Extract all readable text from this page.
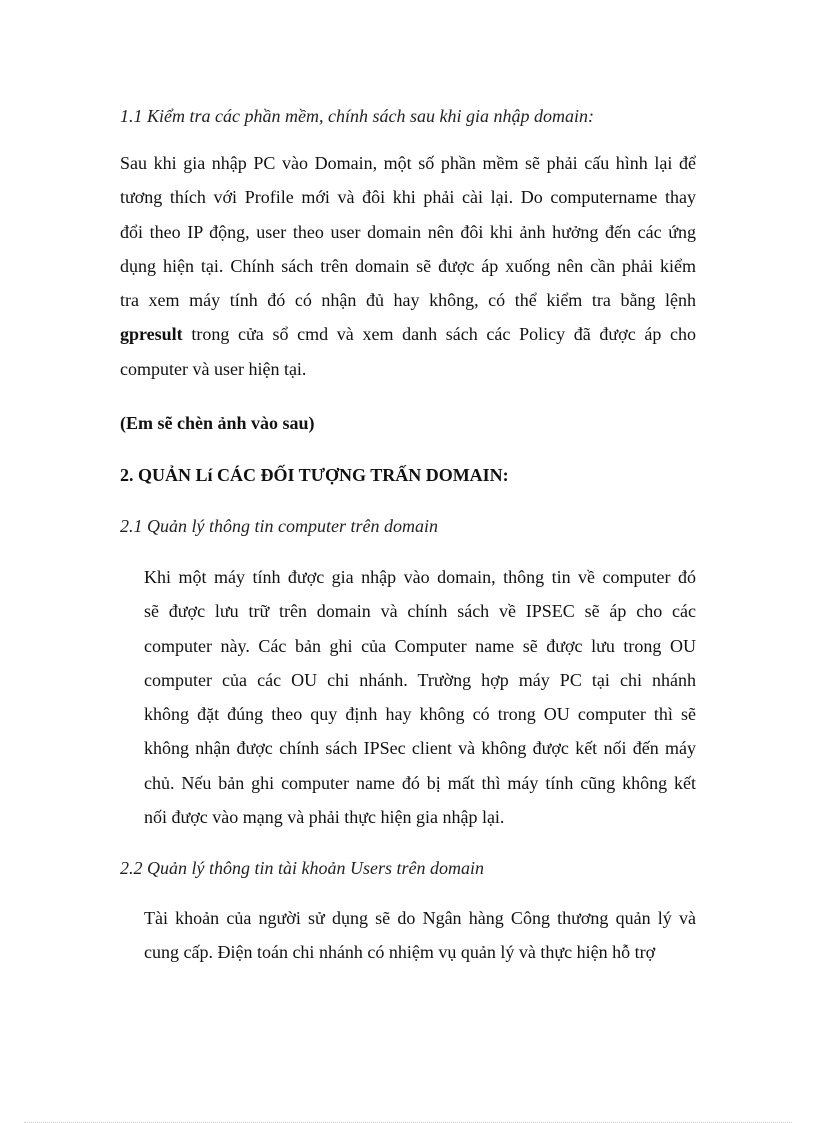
1.1 Kiểm tra các phần mềm, chính sách sau khi gia nhập domain:
Sau khi gia nhập PC vào Domain, một số phần mềm sẽ phải cấu hình lại để
tương thích với Profile mới và đôi khi phải cài lại. Do computername thay
đổi theo IP động, user theo user domain nên đôi khi ảnh hưởng đến các ứng
dụng hiện tại. Chính sách trên domain sẽ được áp xuống nên cần phải kiểm
tra xem máy tính đó có nhận đủ hay không, có thể kiểm tra bằng lệnh
gpresult trong cửa sổ cmd và xem danh sách các Policy đã được áp cho
computer và user hiện tại.
(Em sẽ chèn ảnh vào sau)
2. QUẢN Lí CÁC ĐỐI TƯỢNG TRẤN DOMAIN:
2.1 Quản lý thông tin computer trên domain
Khi một máy tính được gia nhập vào domain, thông tin về computer đó
sẽ được lưu trữ trên domain và chính sách về IPSEC sẽ áp cho các
computer này. Các bản ghi của Computer name sẽ được lưu trong OU
computer của các OU chi nhánh. Trường hợp máy PC tại chi nhánh
không đặt đúng theo quy định hay không có trong OU computer thì sẽ
không nhận được chính sách IPSec client và không được kết nối đến máy
chủ. Nếu bản ghi computer name đó bị mất thì máy tính cũng không kết
nối được vào mạng và phải thực hiện gia nhập lại.
2.2 Quản lý thông tin tài khoản Users trên domain
Tài khoản của người sử dụng sẽ do Ngân hàng Công thương quản lý và
cung cấp. Điện toán chi nhánh có nhiệm vụ quản lý và thực hiện hỗ trợ
